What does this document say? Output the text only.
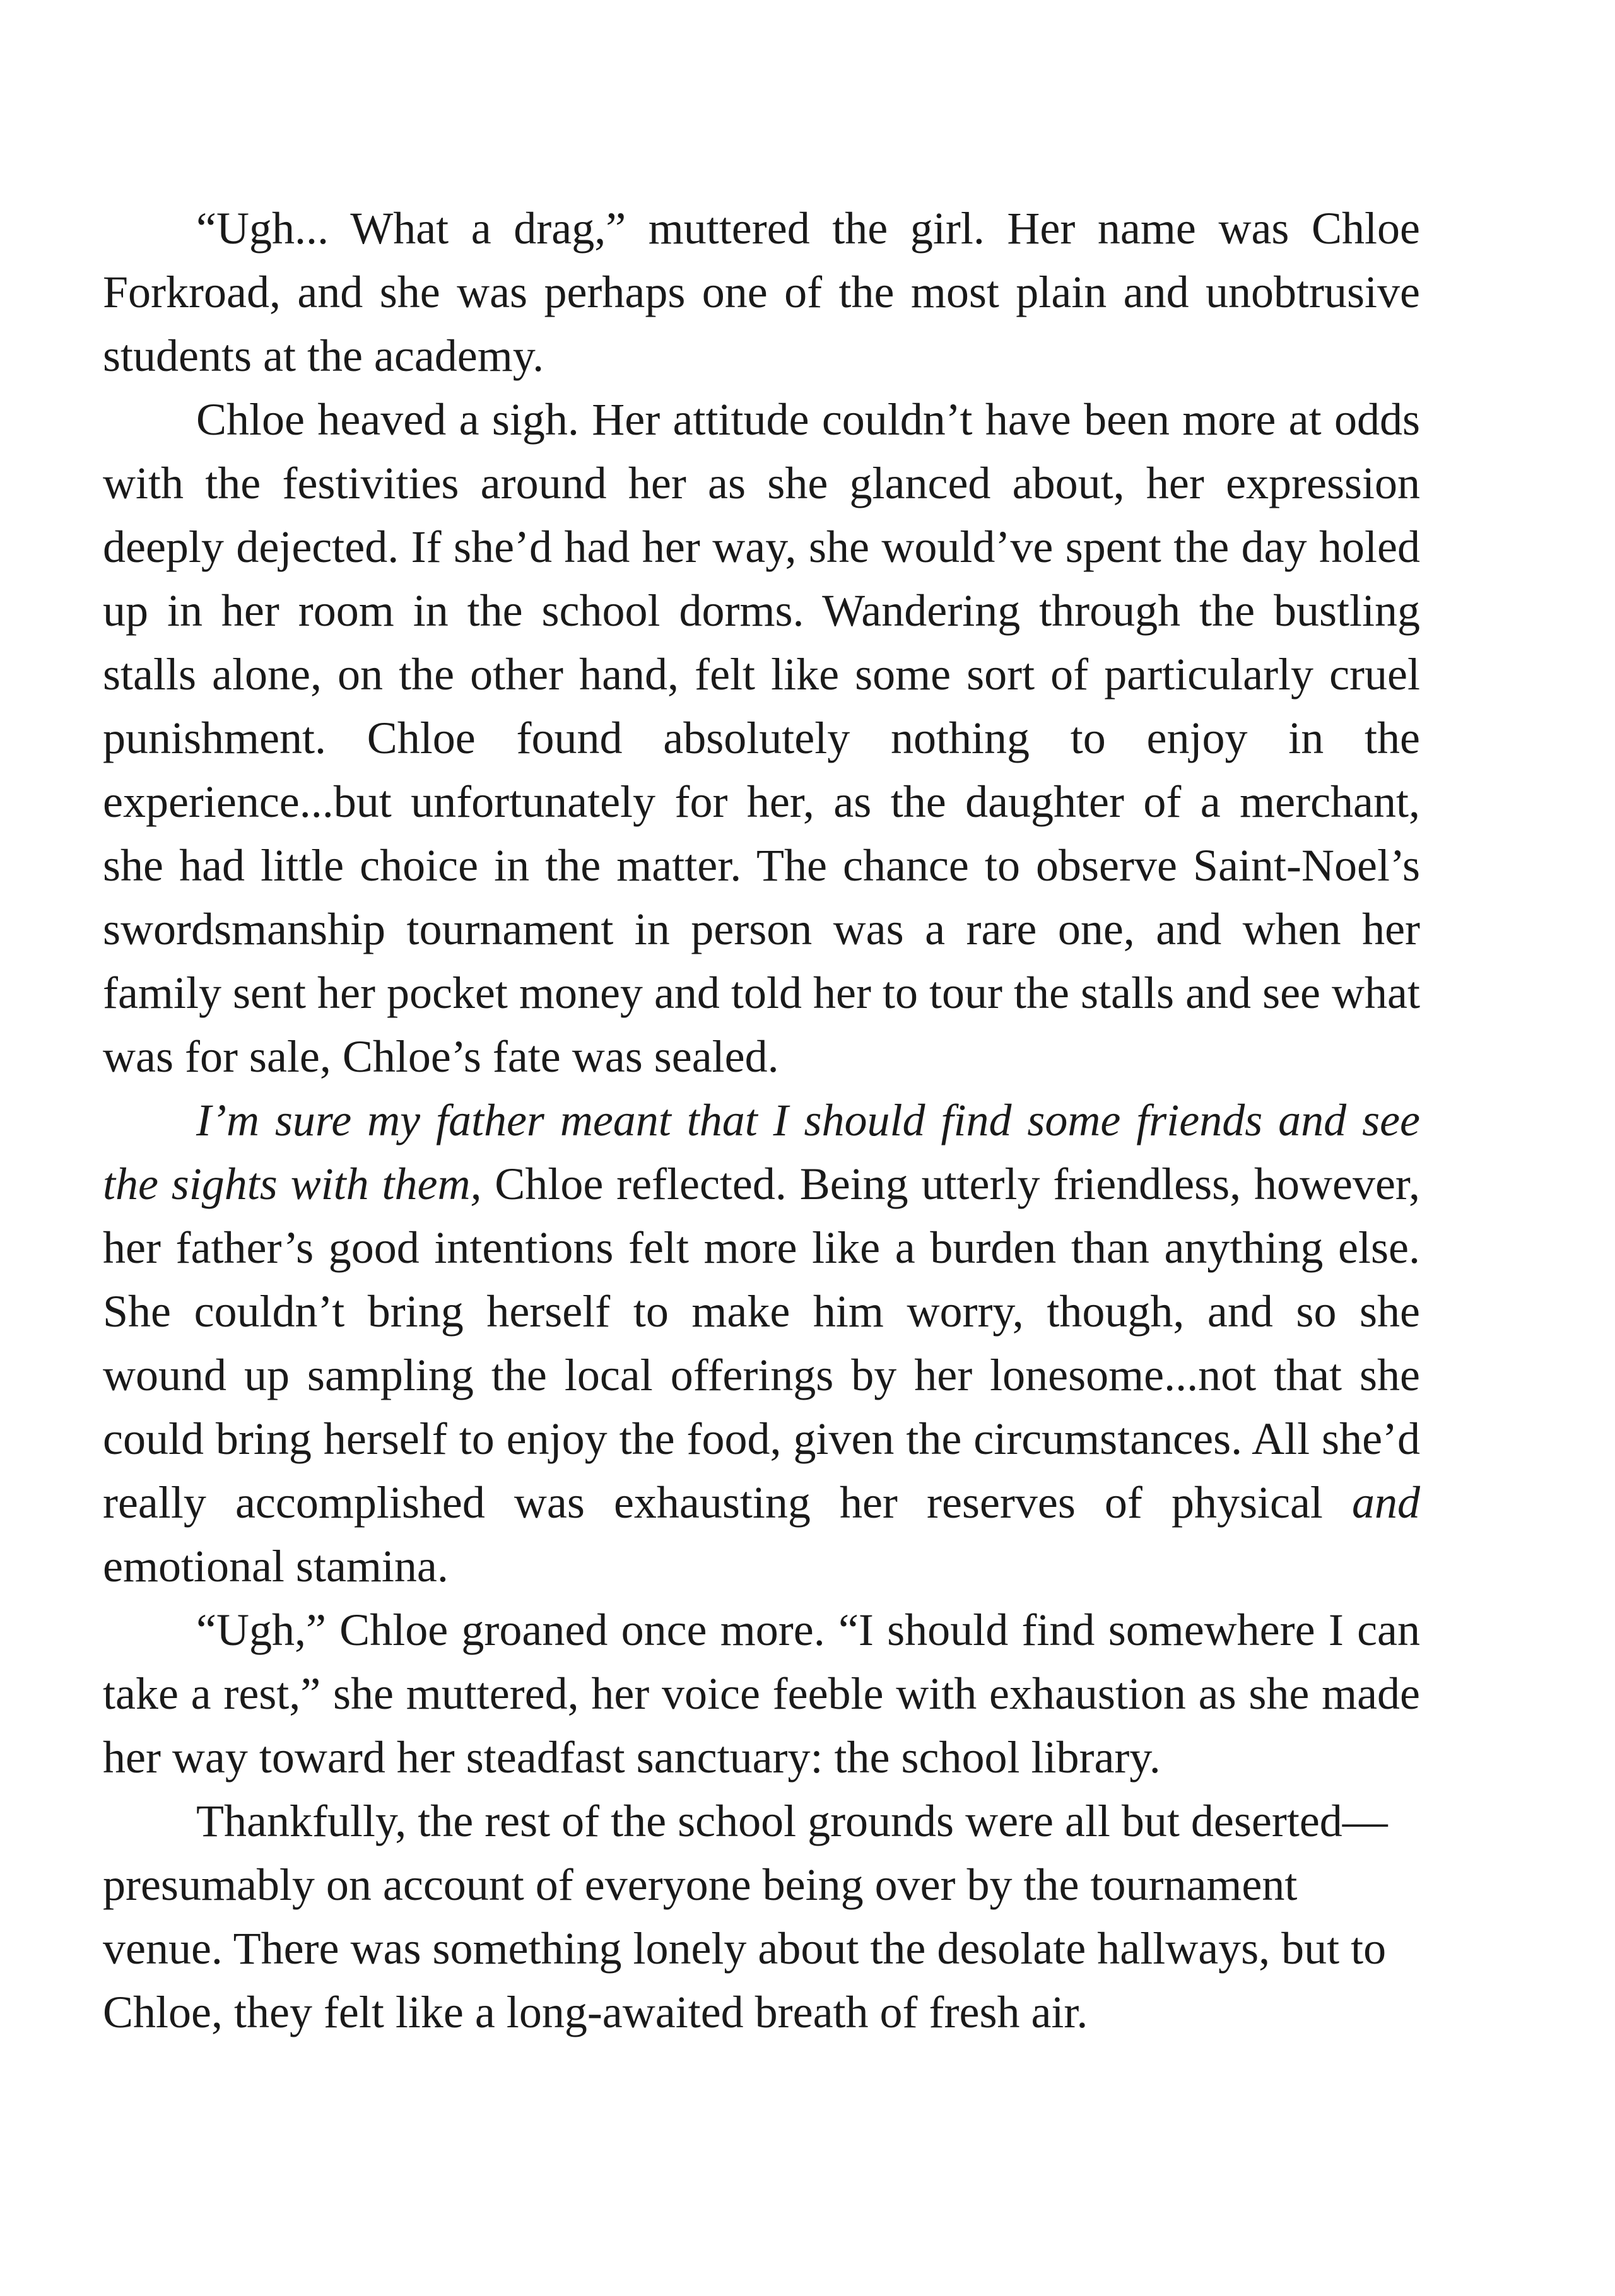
“Ugh... What a drag,” muttered the girl. Her name was Chloe Forkroad, and she was perhaps one of the most plain and unobtrusive students at the academy.

Chloe heaved a sigh. Her attitude couldn’t have been more at odds with the festivities around her as she glanced about, her expression deeply dejected. If she’d had her way, she would’ve spent the day holed up in her room in the school dorms. Wandering through the bustling stalls alone, on the other hand, felt like some sort of particularly cruel punishment. Chloe found absolutely nothing to enjoy in the experience...but unfortunately for her, as the daughter of a merchant, she had little choice in the matter. The chance to observe Saint-Noel’s swordsmanship tournament in person was a rare one, and when her family sent her pocket money and told her to tour the stalls and see what was for sale, Chloe’s fate was sealed.

I’m sure my father meant that I should find some friends and see the sights with them, Chloe reflected. Being utterly friendless, however, her father’s good intentions felt more like a burden than anything else. She couldn’t bring herself to make him worry, though, and so she wound up sampling the local offerings by her lonesome...not that she could bring herself to enjoy the food, given the circumstances. All she’d really accomplished was exhausting her reserves of physical and emotional stamina.

“Ugh,” Chloe groaned once more. “I should find somewhere I can take a rest,” she muttered, her voice feeble with exhaustion as she made her way toward her steadfast sanctuary: the school library.

Thankfully, the rest of the school grounds were all but deserted—presumably on account of everyone being over by the tournament venue. There was something lonely about the desolate hallways, but to Chloe, they felt like a long-awaited breath of fresh air.
